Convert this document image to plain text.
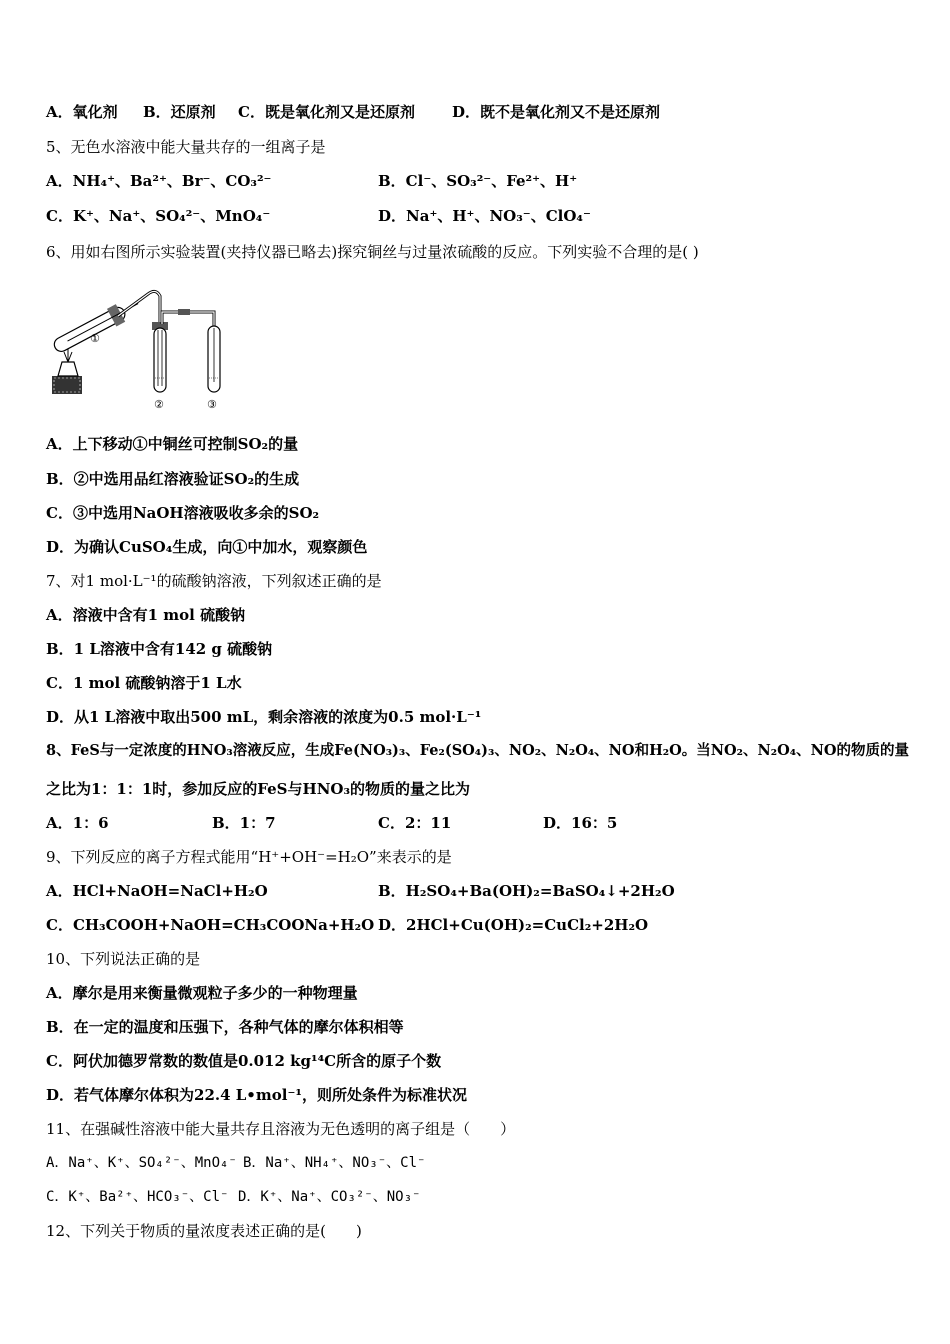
A．氧化剂 B．还原剂 C．既是氧化剂又是还原剂 D．既不是氧化剂又不是还原剂
5、无色水溶液中能大量共存的一组离子是
A．NH₄⁺、Ba²⁺、Br⁻、CO₃²⁻	B．Cl⁻、SO₃²⁻、Fe²⁺、H⁺
C．K⁺、Na⁺、SO₄²⁻、MnO₄⁻	D．Na⁺、H⁺、NO₃⁻、ClO₄⁻
6、用如右图所示实验装置(夹持仪器已略去)探究铜丝与过量浓硫酸的反应。下列实验不合理的是( )
①
②	③
A．上下移动①中铜丝可控制SO₂的量
B．②中选用品红溶液验证SO₂的生成
C．③中选用NaOH溶液吸收多余的SO₂
D．为确认CuSO₄生成，向①中加水，观察颜色
7、对1 mol·L⁻¹的硫酸钠溶液，下列叙述正确的是
A．溶液中含有1 mol 硫酸钠
B．1 L溶液中含有142 g 硫酸钠
C．1 mol 硫酸钠溶于1 L水
D．从1 L溶液中取出500 mL，剩余溶液的浓度为0.5 mol·L⁻¹
8、FeS与一定浓度的HNO₃溶液反应，生成Fe(NO₃)₃、Fe₂(SO₄)₃、NO₂、N₂O₄、NO和H₂O。当NO₂、N₂O₄、NO的物质的量
之比为1：1：1时，参加反应的FeS与HNO₃的物质的量之比为
A．1：6	B．1：7	C．2：11	D．16：5
9、下列反应的离子方程式能用“H⁺+OH⁻=H₂O”来表示的是
A．HCl+NaOH=NaCl+H₂O	B．H₂SO₄+Ba(OH)₂=BaSO₄↓+2H₂O
C．CH₃COOH+NaOH=CH₃COONa+H₂O D．2HCl+Cu(OH)₂=CuCl₂+2H₂O
10、下列说法正确的是
A．摩尔是用来衡量微观粒子多少的一种物理量
B．在一定的温度和压强下，各种气体的摩尔体积相等
C．阿伏加德罗常数的数值是0.012 kg¹⁴C所含的原子个数
D．若气体摩尔体积为22.4 L•mol⁻¹，则所处条件为标准状况
11、在强碱性溶液中能大量共存且溶液为无色透明的离子组是（　　）
A．Na⁺、K⁺、SO₄²⁻、MnO₄⁻ B．Na⁺、NH₄⁺、NO₃⁻、Cl⁻
C．K⁺、Ba²⁺、HCO₃⁻、Cl⁻ D．K⁺、Na⁺、CO₃²⁻、NO₃⁻
12、下列关于物质的量浓度表述正确的是(　　)
